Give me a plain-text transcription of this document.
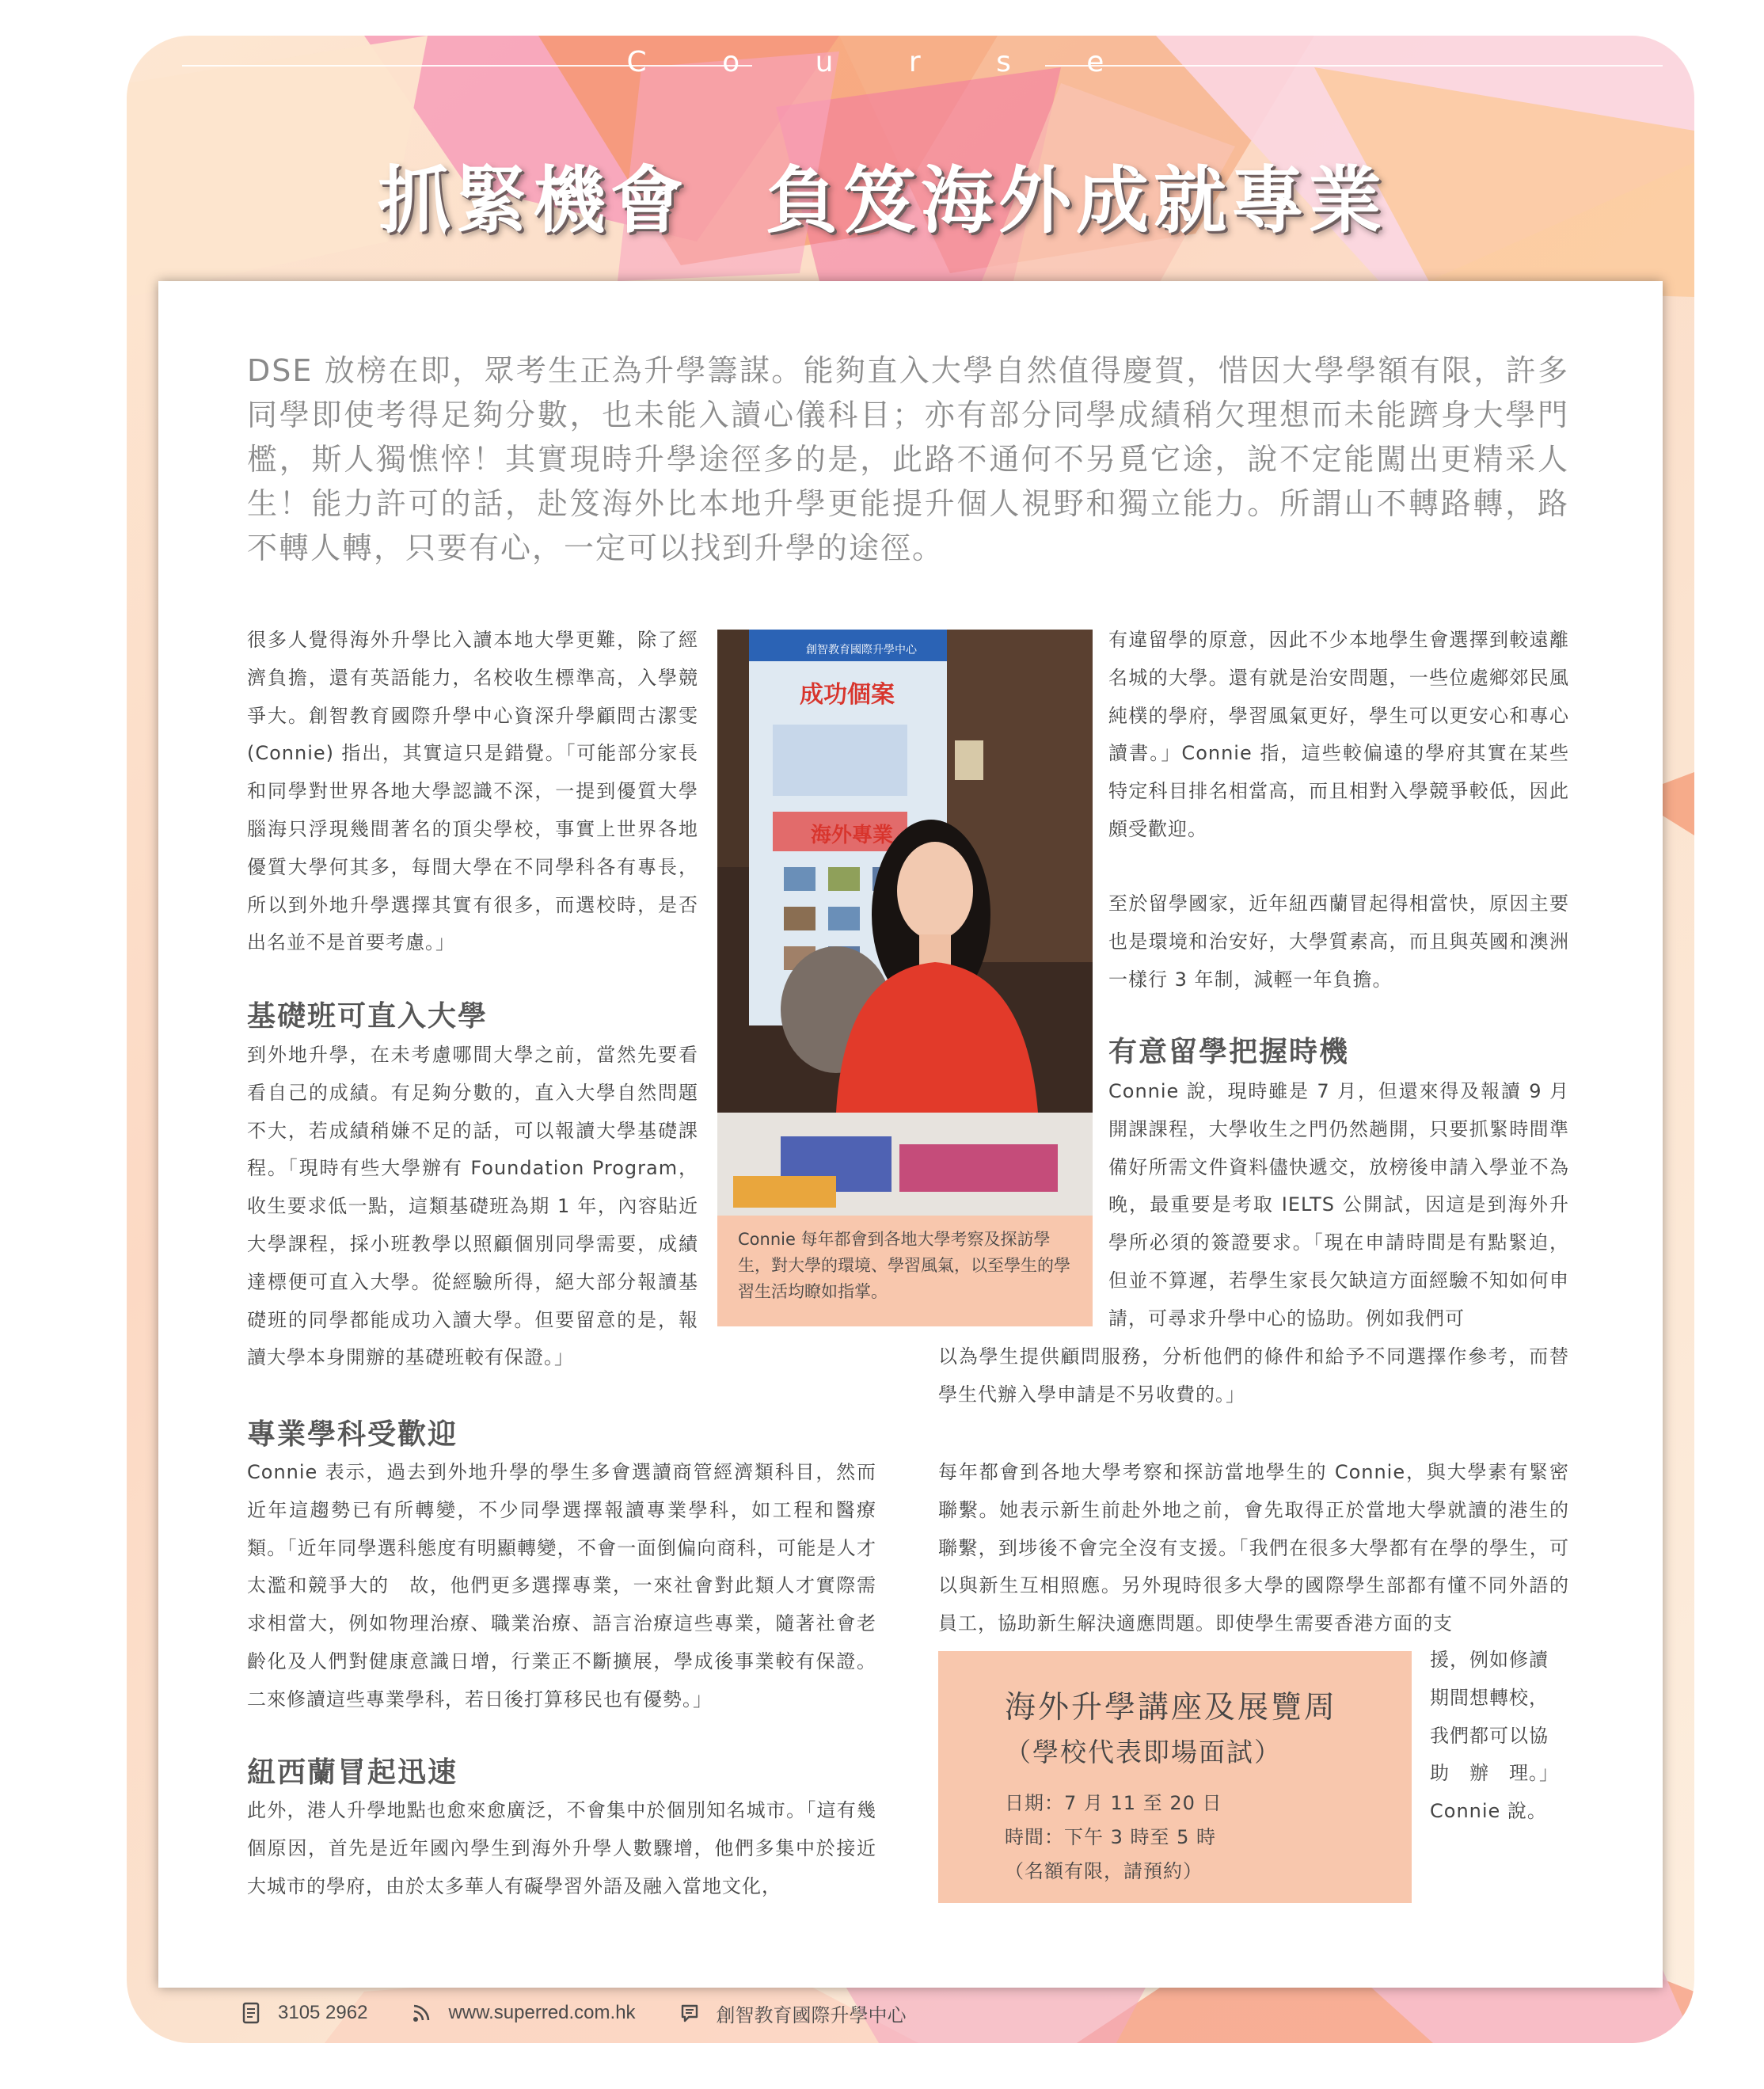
C o u r s e
抓緊機會　負笈海外成就專業
DSE 放榜在即，眾考生正為升學籌謀。能夠直入大學自然值得慶賀，惜因大學學額有限，許多同學即使考得足夠分數，也未能入讀心儀科目；亦有部分同學成績稍欠理想而未能躋身大學門檻，斯人獨憔悴！其實現時升學途徑多的是，此路不通何不另覓它途，說不定能闖出更精采人生！能力許可的話，赴笈海外比本地升學更能提升個人視野和獨立能力。所謂山不轉路轉，路不轉人轉，只要有心，一定可以找到升學的途徑。

很多人覺得海外升學比入讀本地大學更難，除了經濟負擔，還有英語能力，名校收生標準高，入學競爭大。創智教育國際升學中心資深升學顧問古潔雯(Connie) 指出，其實這只是錯覺。「可能部分家長和同學對世界各地大學認識不深，一提到優質大學腦海只浮現幾間著名的頂尖學校，事實上世界各地優質大學何其多，每間大學在不同學科各有專長，所以到外地升學選擇其實有很多，而選校時，是否出名並不是首要考慮。」

基礎班可直入大學

到外地升學，在未考慮哪間大學之前，當然先要看看自己的成績。有足夠分數的，直入大學自然問題不大，若成績稍嫌不足的話，可以報讀大學基礎課程。「現時有些大學辦有 Foundation Program，收生要求低一點，這類基礎班為期 1 年，內容貼近大學課程，採小班教學以照顧個別同學需要，成績達標便可直入大學。從經驗所得，絕大部分報讀基礎班的同學都能成功入讀大學。但要留意的是，報讀大學本身開辦的基礎班較有保證。」

專業學科受歡迎

Connie 表示，過去到外地升學的學生多會選讀商管經濟類科目，然而近年這趨勢已有所轉變，不少同學選擇報讀專業學科，如工程和醫療類。「近年同學選科態度有明顯轉變，不會一面倒偏向商科，可能是人才太濫和競爭大的　故，他們更多選擇專業，一來社會對此類人才實際需求相當大，例如物理治療、職業治療、語言治療這些專業，隨著社會老齡化及人們對健康意識日增，行業正不斷擴展，學成後事業較有保證。二來修讀這些專業學科，若日後打算移民也有優勢。」

紐西蘭冒起迅速

此外，港人升學地點也愈來愈廣泛，不會集中於個別知名城市。「這有幾個原因，首先是近年國內學生到海外升學人數驟增，他們多集中於接近大城市的學府，由於太多華人有礙學習外語及融入當地文化，

創智教育國際升學中心
成功個案
海外專業
Connie 每年都會到各地大學考察及探訪學生，對大學的環境、學習風氣，以至學生的學習生活均瞭如指掌。

有違留學的原意，因此不少本地學生會選擇到較遠離名城的大學。還有就是治安問題，一些位處鄉郊民風純樸的學府，學習風氣更好，學生可以更安心和專心讀書。」Connie 指，這些較偏遠的學府其實在某些特定科目排名相當高，而且相對入學競爭較低，因此頗受歡迎。

至於留學國家，近年紐西蘭冒起得相當快，原因主要也是環境和治安好，大學質素高，而且與英國和澳洲一樣行 3 年制，減輕一年負擔。

有意留學把握時機

Connie 說，現時雖是 7 月，但還來得及報讀 9 月開課課程，大學收生之門仍然趟開，只要抓緊時間準備好所需文件資料儘快遞交，放榜後申請入學並不為晚，最重要是考取 IELTS 公開試，因這是到海外升學所必須的簽證要求。「現在申請時間是有點緊迫，但並不算遲，若學生家長欠缺這方面經驗不知如何申請，可尋求升學中心的協助。例如我們可

以為學生提供顧問服務，分析他們的條件和給予不同選擇作參考，而替學生代辦入學申請是不另收費的。」

每年都會到各地大學考察和探訪當地學生的 Connie，與大學素有緊密聯繫。她表示新生前赴外地之前，會先取得正於當地大學就讀的港生的聯繫，到埗後不會完全沒有支援。「我們在很多大學都有在學的學生，可以與新生互相照應。另外現時很多大學的國際學生部都有懂不同外語的員工，協助新生解決適應問題。即使學生需要香港方面的支

援，例如修讀

期間想轉校，

我們都可以協

助　辦　理。」

Connie 說。

海外升學講座及展覽周

（學校代表即場面試）

日期：7 月 11 至 20 日

時間：下午 3 時至 5 時

（名額有限，請預約）

3105 2962	www.superred.com.hk	創智教育國際升學中心
